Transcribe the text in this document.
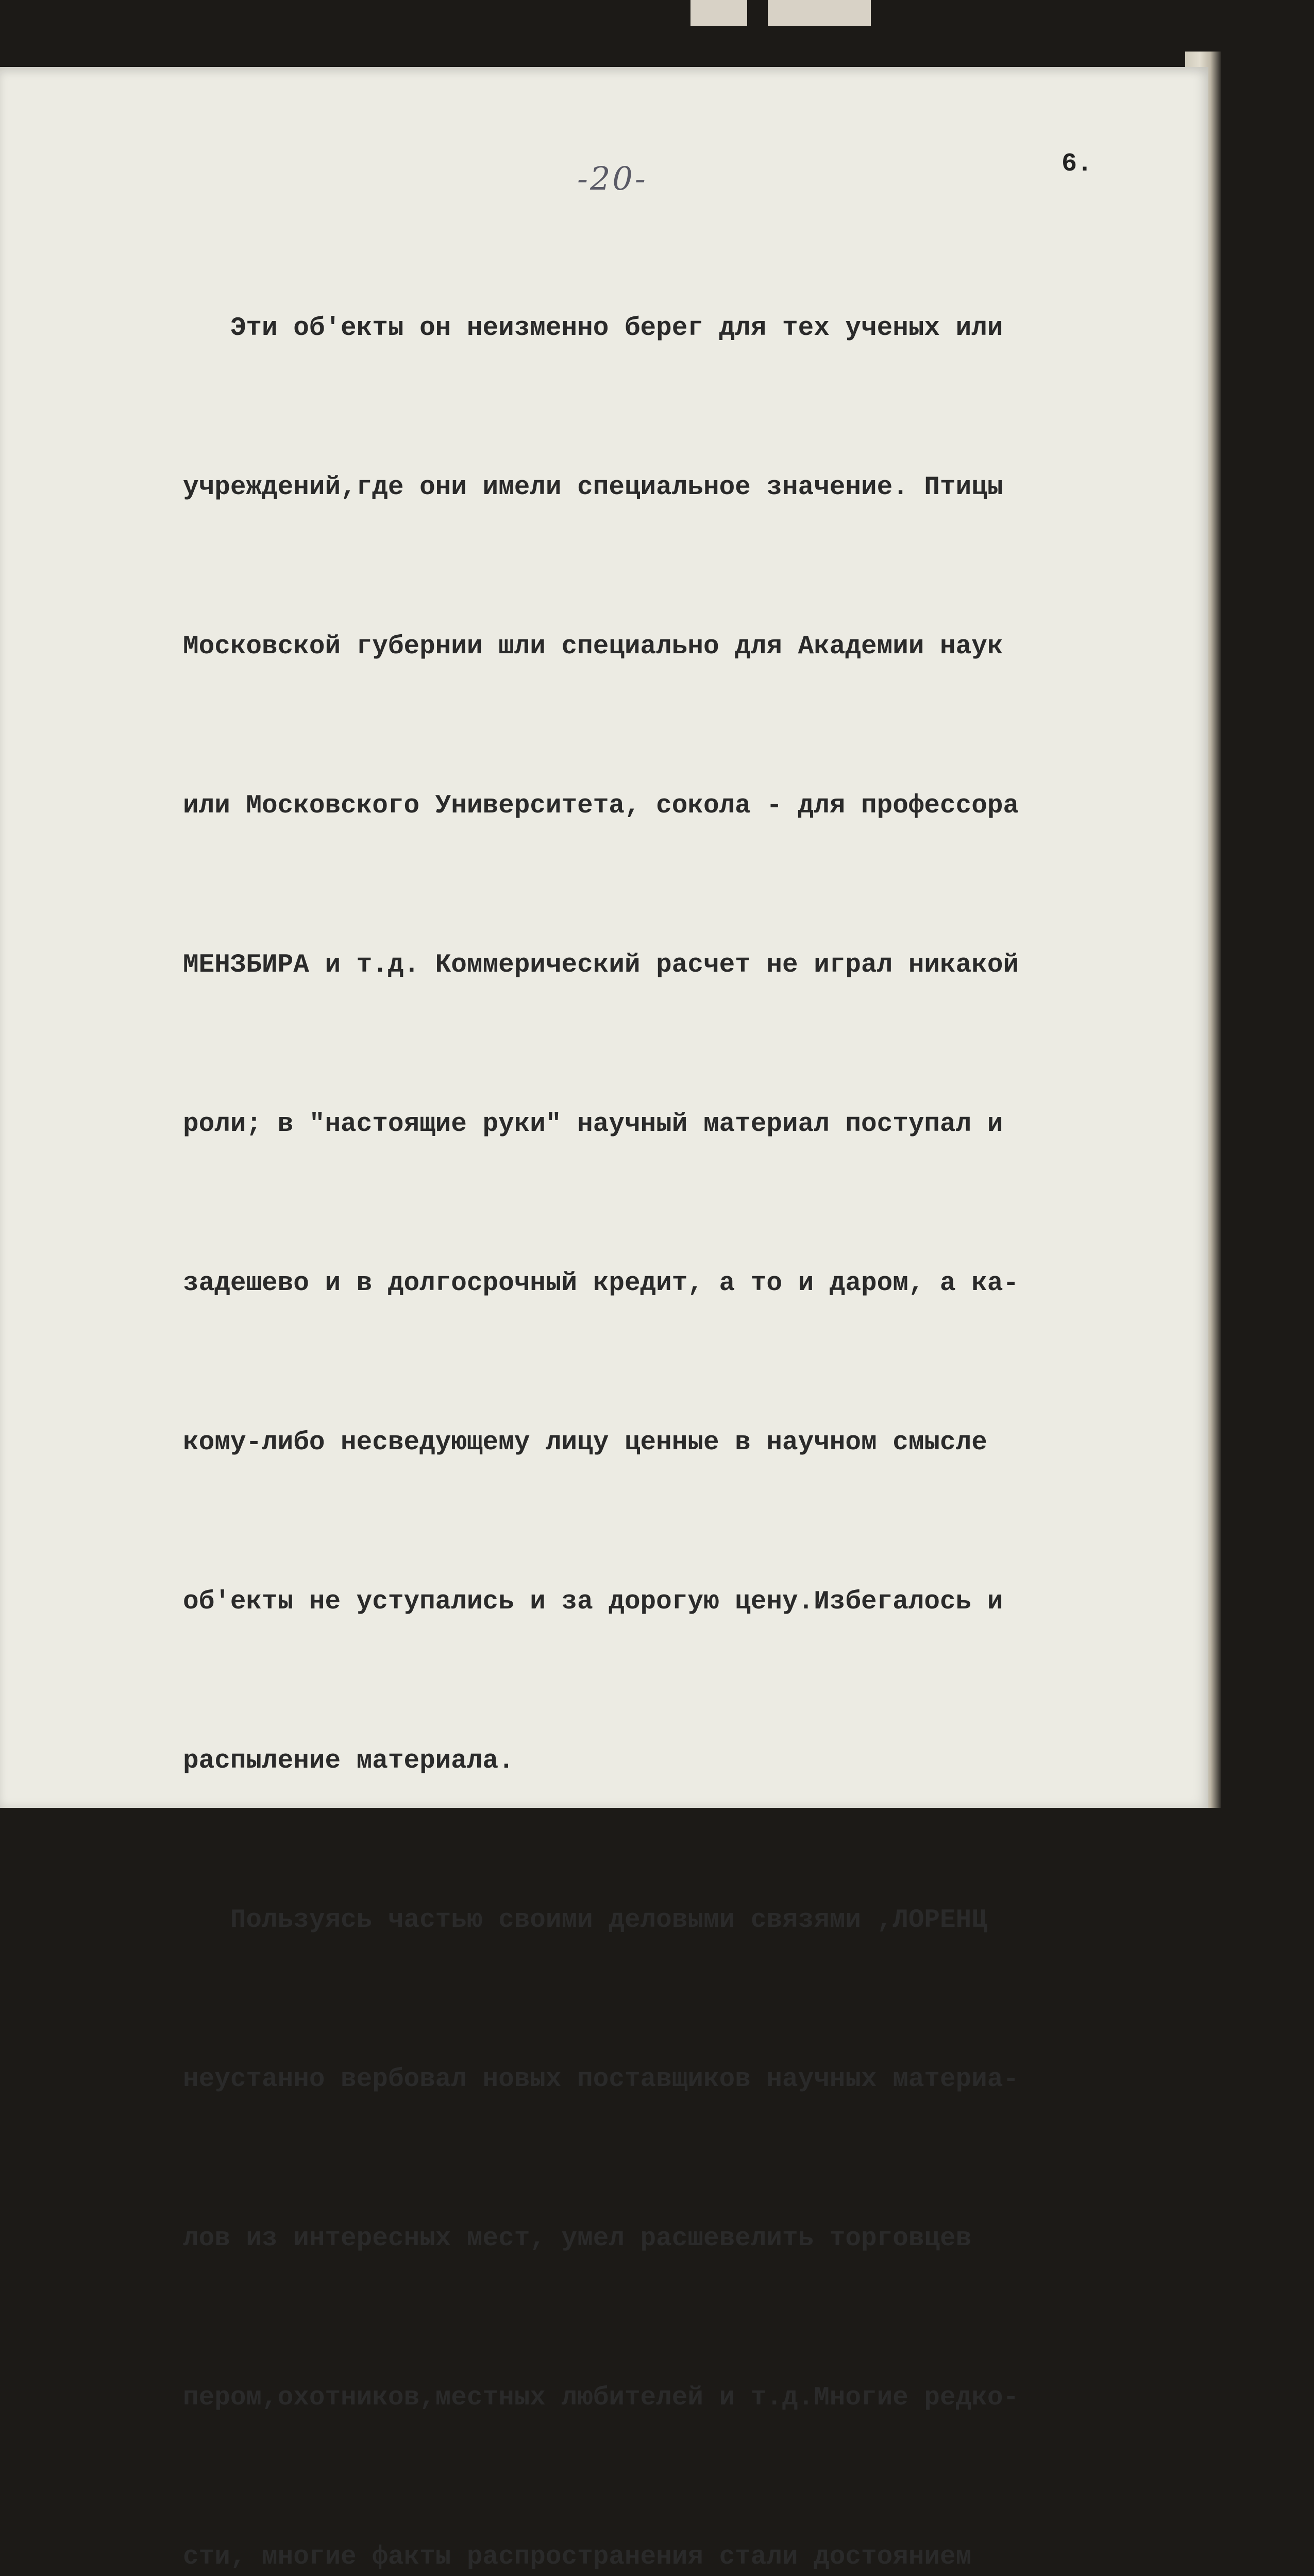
-20-	6.

Эти об'екты он неизменно берег для тех ученых или

учреждений,где они имели специальное значение. Птицы

Московской губернии шли специально для Академии наук

или Московского Университета, сокола - для профессора

МЕНЗБИРА и т.д. Коммерический расчет не играл никакой

роли; в "настоящие руки" научный материал поступал и

задешево и в долгосрочный кредит, а то и даром, а ка-

кому-либо несведующему лицу ценные в научном смысле

об'екты не уступались и за дорогую цену.Избегалось и

распыление материала.

Пользуясь частью своими деловыми связями ,ЛОРЕНЦ

неустанно вербовал новых поставщиков научных материа-

лов из интересных мест, умел расшевелить торговцев

пером,охотников,местных любителей и т.д.Многие редко-

сти, многие факты распространения стали достоянием
